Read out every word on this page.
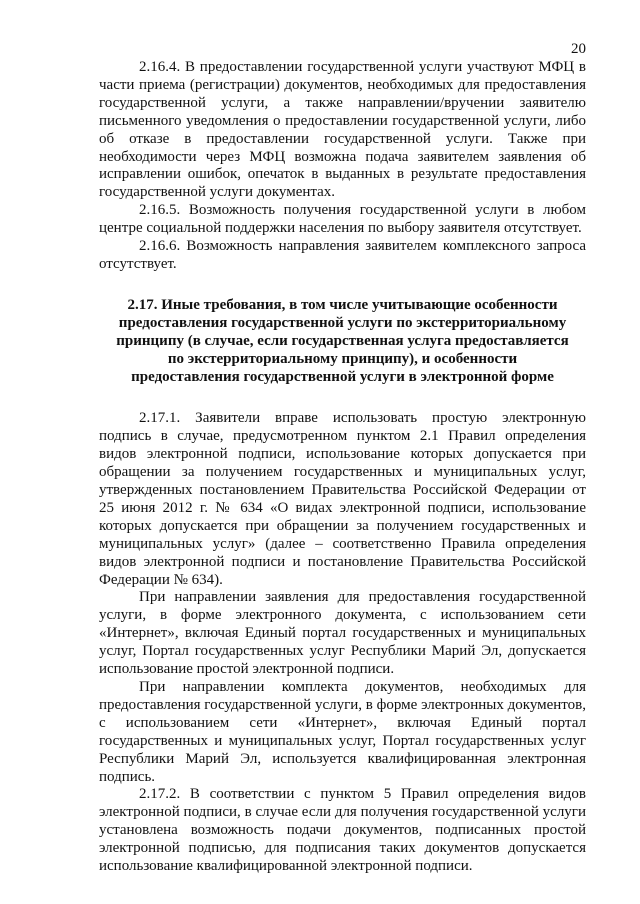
20

2.16.4. В предоставлении государственной услуги участвуют МФЦ в части приема (регистрации) документов, необходимых для предоставления государственной услуги, а также направлении/вручении заявителю письменного уведомления о предоставлении государственной услуги, либо об отказе в предоставлении государственной услуги. Также при необходимости через МФЦ возможна подача заявителем заявления об исправлении ошибок, опечаток в выданных в результате предоставления государственной услуги документах.

2.16.5. Возможность получения государственной услуги в любом центре социальной поддержки населения по выбору заявителя отсутствует.

2.16.6. Возможность направления заявителем комплексного запроса отсутствует.

2.17. Иные требования, в том числе учитывающие особенности предоставления государственной услуги по экстерриториальному принципу (в случае, если государственная услуга предоставляется по экстерриториальному принципу), и особенности предоставления государственной услуги в электронной форме

2.17.1. Заявители вправе использовать простую электронную подпись в случае, предусмотренном пунктом 2.1 Правил определения видов электронной подписи, использование которых допускается при обращении за получением государственных и муниципальных услуг, утвержденных постановлением Правительства Российской Федерации от 25 июня 2012 г. № 634 «О видах электронной подписи, использование которых допускается при обращении за получением государственных и муниципальных услуг» (далее – соответственно Правила определения видов электронной подписи и постановление Правительства Российской Федерации № 634).

При направлении заявления для предоставления государственной услуги, в форме электронного документа, с использованием сети «Интернет», включая Единый портал государственных и муниципальных услуг, Портал государственных услуг Республики Марий Эл, допускается использование простой электронной подписи.

При направлении комплекта документов, необходимых для предоставления государственной услуги, в форме электронных документов, с использованием сети «Интернет», включая Единый портал государственных и муниципальных услуг, Портал государственных услуг Республики Марий Эл, используется квалифицированная электронная подпись.

2.17.2. В соответствии с пунктом 5 Правил определения видов электронной подписи, в случае если для получения государственной услуги установлена возможность подачи документов, подписанных простой электронной подписью, для подписания таких документов допускается использование квалифицированной электронной подписи.
